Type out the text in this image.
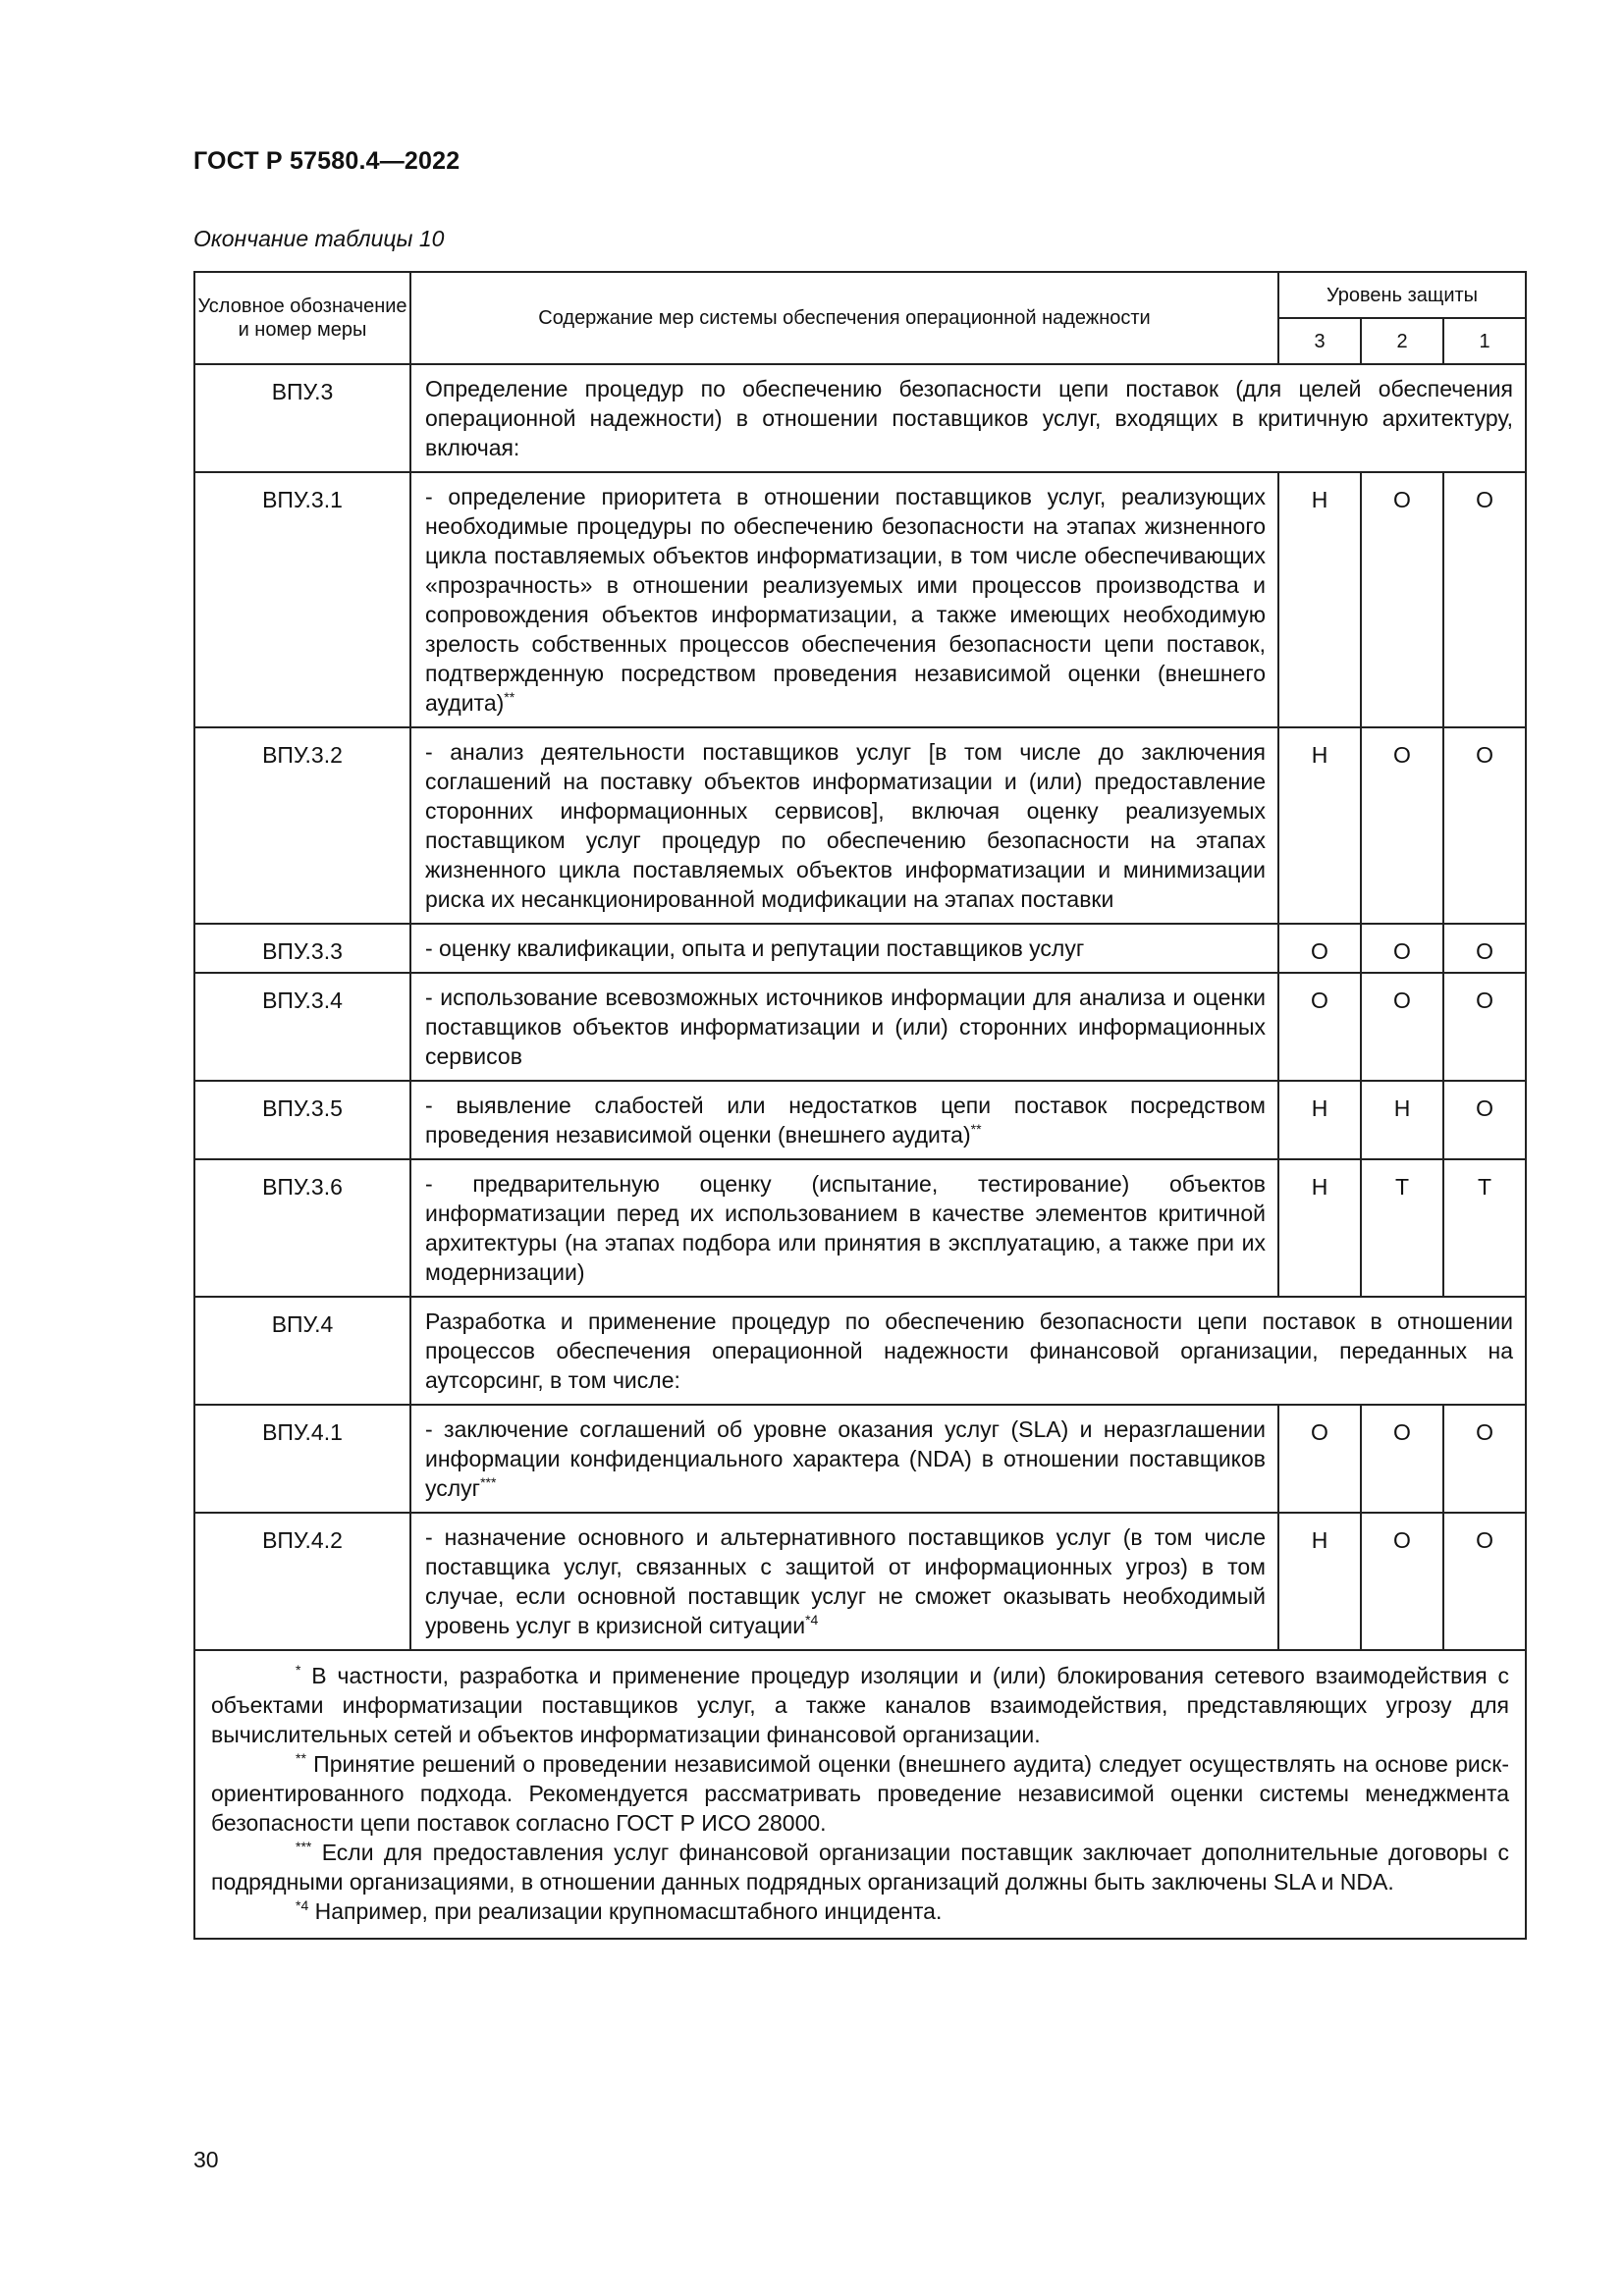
ГОСТ Р 57580.4—2022
Окончание таблицы 10
Условное обозначение и номер меры	Содержание мер системы обеспечения операционной надежности	Уровень защиты		
		3	2	1
ВПУ.3	Определение процедур по обеспечению безопасности цепи поставок (для целей обеспечения операционной надежности) в отношении поставщиков услуг, входящих в критичную архитектуру, включая:			
ВПУ.3.1	- определение приоритета в отношении поставщиков услуг, реализующих необходимые процедуры по обеспечению безопасности на этапах жизненного цикла поставляемых объектов информатизации, в том числе обеспечивающих «прозрачность» в отношении реализуемых ими процессов производства и сопровождения объектов информатизации, а также имеющих необходимую зрелость собственных процессов обеспечения безопасности цепи поставок, подтвержденную посредством проведения независимой оценки (внешнего аудита)**	Н	О	О
ВПУ.3.2	- анализ деятельности поставщиков услуг [в том числе до заключения соглашений на поставку объектов информатизации и (или) предоставление сторонних информационных сервисов], включая оценку реализуемых поставщиком услуг процедур по обеспечению безопасности на этапах жизненного цикла поставляемых объектов информатизации и минимизации риска их несанкционированной модификации на этапах поставки	Н	О	О
ВПУ.3.3	- оценку квалификации, опыта и репутации поставщиков услуг	О	О	О
ВПУ.3.4	- использование всевозможных источников информации для анализа и оценки поставщиков объектов информатизации и (или) сторонних информационных сервисов	О	О	О
ВПУ.3.5	- выявление слабостей или недостатков цепи поставок посредством проведения независимой оценки (внешнего аудита)**	Н	Н	О
ВПУ.3.6	- предварительную оценку (испытание, тестирование) объектов информатизации перед их использованием в качестве элементов критичной архитектуры (на этапах подбора или принятия в эксплуатацию, а также при их модернизации)	Н	Т	Т
ВПУ.4	Разработка и применение процедур по обеспечению безопасности цепи поставок в отношении процессов обеспечения операционной надежности финансовой организации, переданных на аутсорсинг, в том числе:			
ВПУ.4.1	- заключение соглашений об уровне оказания услуг (SLA) и неразглашении информации конфиденциального характера (NDA) в отношении поставщиков услуг***	О	О	О
ВПУ.4.2	- назначение основного и альтернативного поставщиков услуг (в том числе поставщика услуг, связанных с защитой от информационных угроз) в том случае, если основной поставщик услуг не сможет оказывать необходимый уровень услуг в кризисной ситуации$^{*4}$	Н	О	О

* В частности, разработка и применение процедур изоляции и (или) блокирования сетевого взаимодействия с объектами информатизации поставщиков услуг, а также каналов взаимодействия, представляющих угрозу для вычислительных сетей и объектов информатизации финансовой организации.

** Принятие решений о проведении независимой оценки (внешнего аудита) следует осуществлять на основе риск-ориентированного подхода. Рекомендуется рассматривать проведение независимой оценки системы менеджмента безопасности цепи поставок согласно ГОСТ Р ИСО 28000.

*** Если для предоставления услуг финансовой организации поставщик заключает дополнительные договоры с подрядными организациями, в отношении данных подрядных организаций должны быть заключены SLA и NDA.

$^{*4}$ Например, при реализации крупномасштабного инцидента.				

30
